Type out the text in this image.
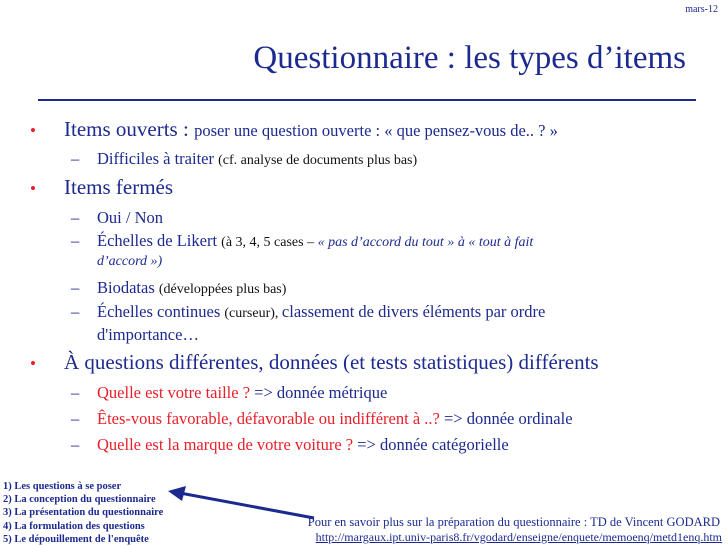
mars-12
Questionnaire : les types d’items
• Items ouverts : poser une question ouverte : « que pensez-vous de.. ? »
– Difficiles à traiter (cf. analyse de documents plus bas)
• Items fermés
– Oui / Non
– Échelles de Likert (à 3, 4, 5 cases – « pas d’accord du tout » à « tout à fait
d’accord »)
– Biodatas (développées plus bas)
– Échelles continues (curseur), classement de divers éléments par ordre
d'importance…
• À questions différentes, données (et tests statistiques) différents
– Quelle est votre taille ? => donnée métrique
– Êtes-vous favorable, défavorable ou indifférent à ..? => donnée ordinale
– Quelle est la marque de votre voiture ? => donnée catégorielle
1) Les questions à se poser
2) La conception du questionnaire
3) La présentation du questionnaire
4) La formulation des questions
5) Le dépouillement de l'enquête
Pour en savoir plus sur la préparation du questionnaire : TD de Vincent GODARD
http://margaux.ipt.univ-paris8.fr/vgodard/enseigne/enquete/memoenq/metd1enq.htm
